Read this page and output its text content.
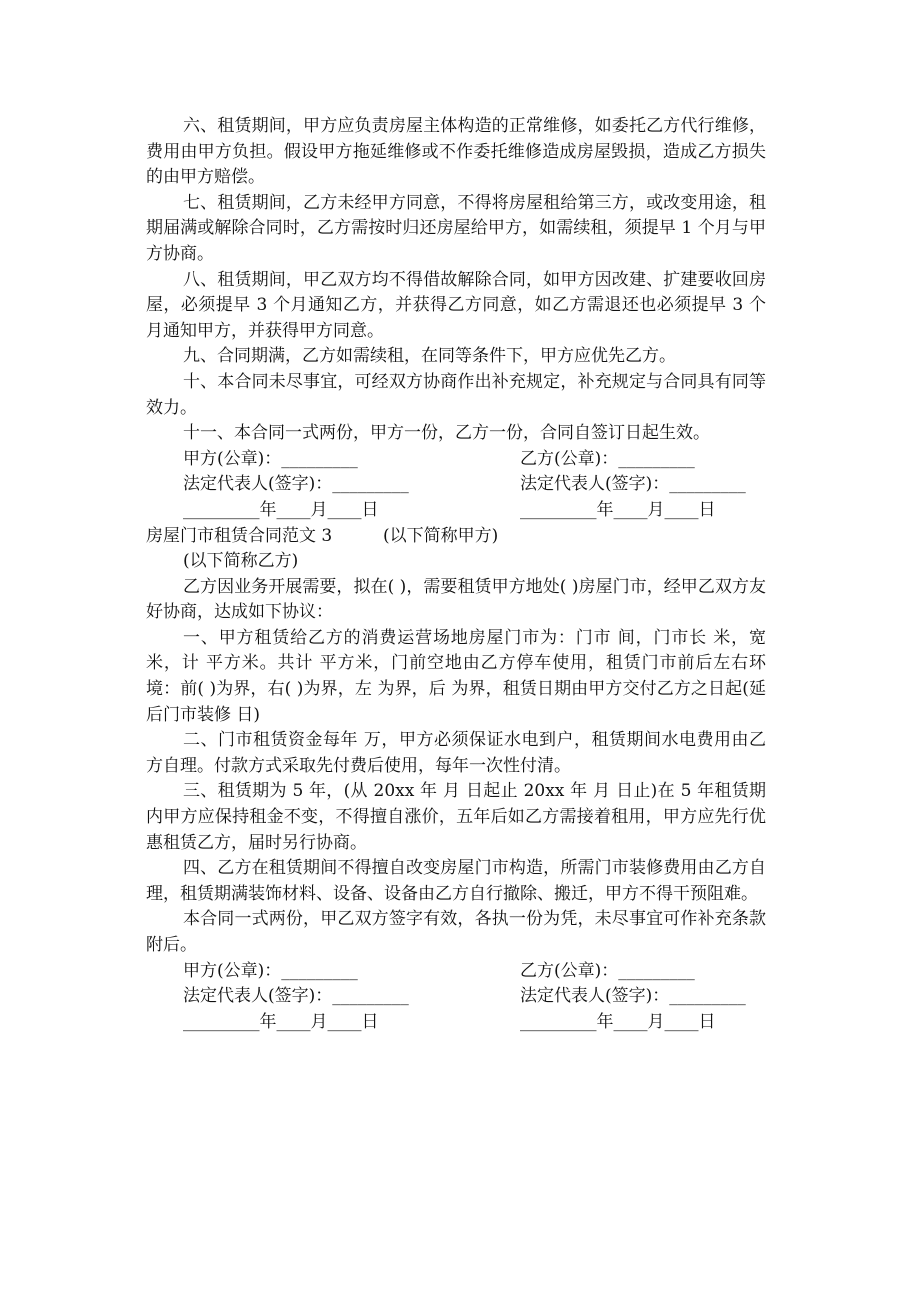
六、租赁期间，甲方应负责房屋主体构造的正常维修，如委托乙方代行维修，费用由甲方负担。假设甲方拖延维修或不作委托维修造成房屋毁损，造成乙方损失的由甲方赔偿。

七、租赁期间，乙方未经甲方同意，不得将房屋租给第三方，或改变用途，租期届满或解除合同时，乙方需按时归还房屋给甲方，如需续租，须提早 1 个月与甲方协商。

八、租赁期间，甲乙双方均不得借故解除合同，如甲方因改建、扩建要收回房屋，必须提早 3 个月通知乙方，并获得乙方同意，如乙方需退还也必须提早 3 个月通知甲方，并获得甲方同意。

九、合同期满，乙方如需续租，在同等条件下，甲方应优先乙方。

十、本合同未尽事宜，可经双方协商作出补充规定，补充规定与合同具有同等效力。

十一、本合同一式两份，甲方一份，乙方一份，合同自签订日起生效。

甲方(公章)：_________

	乙方(公章)：_________

法定代表人(签字)：_________

	法定代表人(签字)：_________

_________年____月____日

	_________年____月____日

房屋门市租赁合同范文 3

	(以下简称甲方)

(以下简称乙方)

乙方因业务开展需要，拟在( )，需要租赁甲方地处( )房屋门市，经甲乙双方友好协商，达成如下协议：

一、甲方租赁给乙方的消费运营场地房屋门市为：门市 间，门市长 米，宽 米，计 平方米。共计 平方米，门前空地由乙方停车使用，租赁门市前后左右环境：前( )为界，右( )为界，左 为界，后 为界，租赁日期由甲方交付乙方之日起(延后门市装修 日)

二、门市租赁资金每年 万，甲方必须保证水电到户，租赁期间水电费用由乙方自理。付款方式采取先付费后使用，每年一次性付清。

三、租赁期为 5 年，(从 20xx 年 月 日起止 20xx 年 月 日止)在 5 年租赁期内甲方应保持租金不变，不得擅自涨价，五年后如乙方需接着租用，甲方应先行优惠租赁乙方，届时另行协商。

四、乙方在租赁期间不得擅自改变房屋门市构造，所需门市装修费用由乙方自理，租赁期满装饰材料、设备、设备由乙方自行撤除、搬迁，甲方不得干预阻难。

本合同一式两份，甲乙双方签字有效，各执一份为凭，未尽事宜可作补充条款附后。

甲方(公章)：_________

	乙方(公章)：_________

法定代表人(签字)：_________

	法定代表人(签字)：_________

_________年____月____日

	_________年____月____日
